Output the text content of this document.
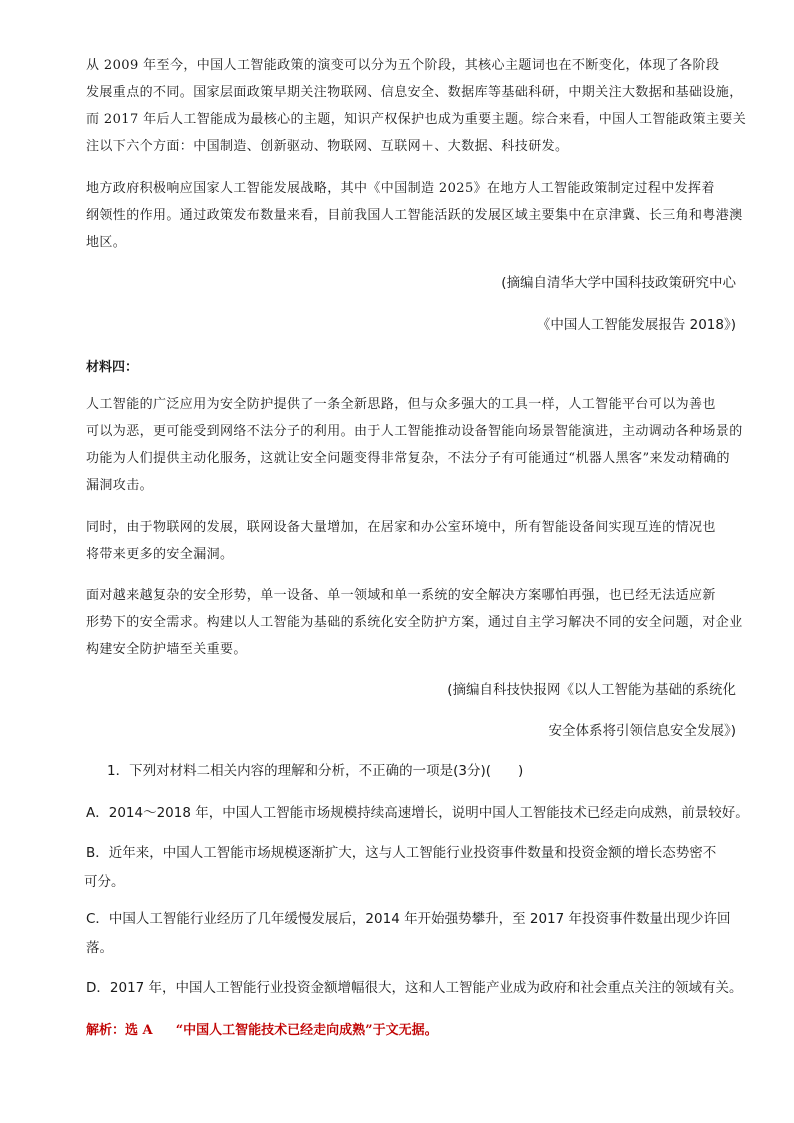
从 2009 年至今，中国人工智能政策的演变可以分为五个阶段，其核心主题词也在不断变化，体现了各阶段
发展重点的不同。国家层面政策早期关注物联网、信息安全、数据库等基础科研，中期关注大数据和基础设施，
而 2017 年后人工智能成为最核心的主题，知识产权保护也成为重要主题。综合来看，中国人工智能政策主要关
注以下六个方面：中国制造、创新驱动、物联网、互联网＋、大数据、科技研发。
地方政府积极响应国家人工智能发展战略，其中《中国制造 2025》在地方人工智能政策制定过程中发挥着
纲领性的作用。通过政策发布数量来看，目前我国人工智能活跃的发展区域主要集中在京津冀、长三角和粤港澳
地区。

(摘编自清华大学中国科技政策研究中心

《中国人工智能发展报告 2018》)

材料四：

人工智能的广泛应用为安全防护提供了一条全新思路，但与众多强大的工具一样，人工智能平台可以为善也
可以为恶，更可能受到网络不法分子的利用。由于人工智能推动设备智能向场景智能演进，主动调动各种场景的
功能为人们提供主动化服务，这就让安全问题变得非常复杂，不法分子有可能通过“机器人黑客”来发动精确的
漏洞攻击。
同时，由于物联网的发展，联网设备大量增加，在居家和办公室环境中，所有智能设备间实现互连的情况也
将带来更多的安全漏洞。
面对越来越复杂的安全形势，单一设备、单一领域和单一系统的安全解决方案哪怕再强，也已经无法适应新
形势下的安全需求。构建以人工智能为基础的系统化安全防护方案，通过自主学习解决不同的安全问题，对企业
构建安全防护墙至关重要。

(摘编自科技快报网《以人工智能为基础的系统化

安全体系将引领信息安全发展》)

1．下列对材料二相关内容的理解和分析，不正确的一项是(3分)(　　)
A．2014～2018 年，中国人工智能市场规模持续高速增长，说明中国人工智能技术已经走向成熟，前景较好。
B．近年来，中国人工智能市场规模逐渐扩大，这与人工智能行业投资事件数量和投资金额的增长态势密不
可分。
C．中国人工智能行业经历了几年缓慢发展后，2014 年开始强势攀升，至 2017 年投资事件数量出现少许回
落。
D．2017 年，中国人工智能行业投资金额增幅很大，这和人工智能产业成为政府和社会重点关注的领域有关。

解析：选 A “中国人工智能技术已经走向成熟”于文无据。
